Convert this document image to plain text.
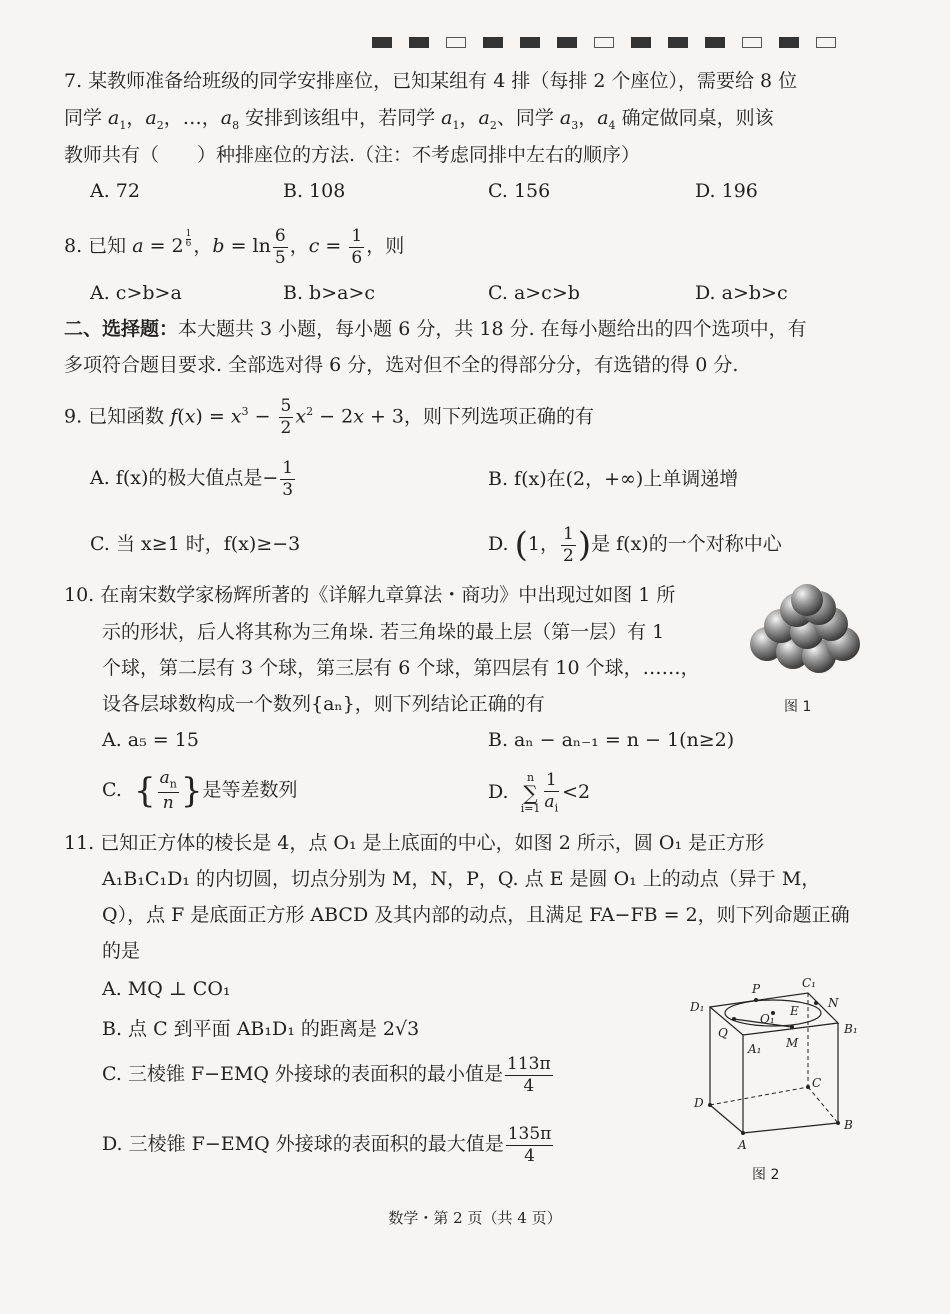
7. 某教师准备给班级的同学安排座位，已知某组有 4 排（每排 2 个座位），需要给 8 位
同学 $a_1$，$a_2$，…，$a_8$ 安排到该组中，若同学 $a_1$，$a_2$、同学 $a_3$，$a_4$ 确定做同桌，则该
教师共有（　　）种排座位的方法.（注：不考虑同排中左右的顺序）
A. 72	B. 108	C. 156	D. 196
8. 已知 a = 2 $^{\frac{1}{6}}$ ，$b = \ln \frac{6}{5}$ ，$c = \frac{1}{6}$ ，则
A. c>b>a	B. b>a>c	C. a>c>b	D. a>b>c
二、选择题：本大题共 3 小题，每小题 6 分，共 18 分. 在每小题给出的四个选项中，有
多项符合题目要求. 全部选对得 6 分，选对但不全的得部分分，有选错的得 0 分.
9. 已知函数 $f(x) = x^3 - \frac{5}{2} x^2 - 2x + 3$，则下列选项正确的有
A. f(x)的极大值点是− $\frac{1}{3}$	B. f(x)在(2，+∞)上单调递增
C. 当 x≥1 时，f(x)≥−3	D. (1， $\frac{1}{2}$ )是 f(x)的一个对称中心
10. 在南宋数学家杨辉所著的《详解九章算法・商功》中出现过如图 1 所
示的形状，后人将其称为三角垛. 若三角垛的最上层（第一层）有 1
个球，第二层有 3 个球，第三层有 6 个球，第四层有 10 个球，……，
设各层球数构成一个数列{aₙ}，则下列结论正确的有	图 1
A. a₅ = 15	B. aₙ − aₙ₋₁ = n − 1(n≥2)
C.  { $\frac{a_n}{n}$ }是等差数列	D.
n
∑
$i=1 \frac{1}{a_i} <2$
11. 已知正方体的棱长是 4，点 O₁ 是上底面的中心，如图 2 所示，圆 O₁ 是正方形
A₁B₁C₁D₁ 的内切圆，切点分别为 M，N，P，Q. 点 E 是圆 O₁ 上的动点（异于 M，
Q），点 F 是底面正方形 ABCD 及其内部的动点，且满足 FA−FB = 2，则下列命题正确
的是
A. MQ ⊥ CO₁
B. 点 C 到平面 AB₁D₁ 的距离是 2√3
C. 三棱锥 F−EMQ 外接球的表面积的最小值是 $\frac{113\pi}{4}$
D. 三棱锥 F−EMQ 外接球的表面积的最大值是 $\frac{135\pi}{4}$
P	C₁
D₁	N
O₁
E
B₁
Q
A₁ M
C
D
B
A
图 2
数学・第 2 页（共 4 页）
